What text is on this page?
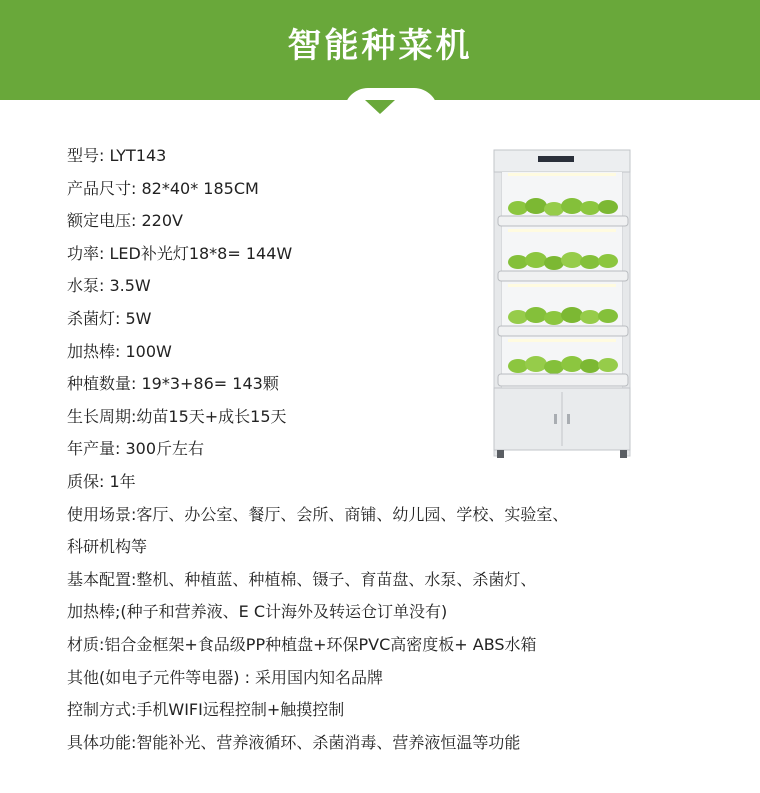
智能种菜机
型号: LYT143
产品尺寸: 82*40* 185CM
额定电压: 220V
功率: LED补光灯18*8= 144W
水泵: 3.5W
杀菌灯: 5W
加热棒: 100W
种植数量: 19*3+86= 143颗
生长周期:幼苗15天+成长15天
年产量: 300斤左右
质保: 1年
使用场景:客厅、办公室、餐厅、会所、商铺、幼儿园、学校、实验室、
科研机构等
基本配置:整机、种植蓝、种植棉、镊子、育苗盘、水泵、杀菌灯、
加热棒;(种子和营养液、E C计海外及转运仓订单没有)
材质:铝合金框架+食品级PP种植盘+环保PVC高密度板+ ABS水箱
其他(如电子元件等电器) : 采用国内知名品牌
控制方式:手机WIFI远程控制+触摸控制
具体功能:智能补光、营养液循环、杀菌消毒、营养液恒温等功能
